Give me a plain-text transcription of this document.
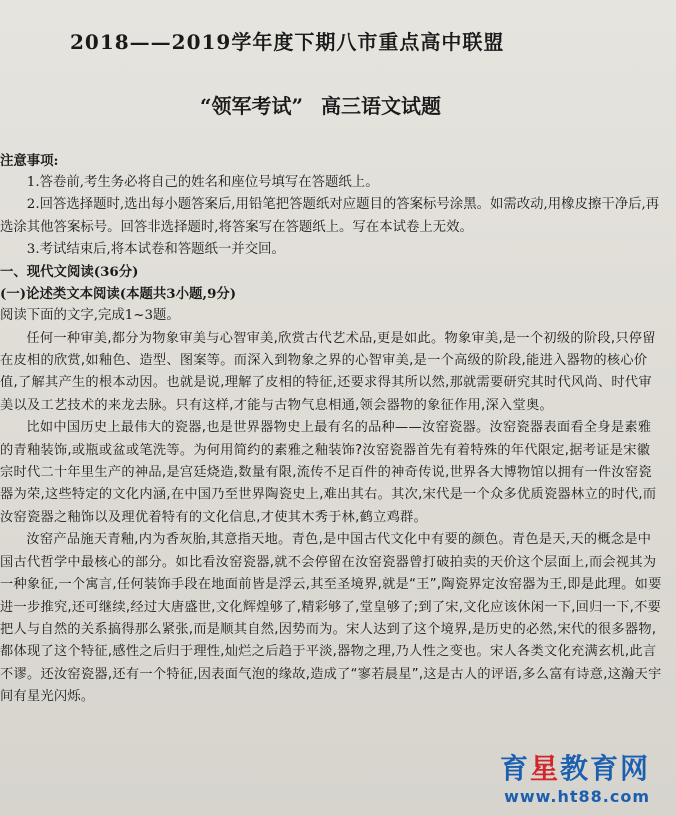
2018——2019学年度下期八市重点高中联盟
“领军考试” 高三语文试题

注意事项:

1.答卷前,考生务必将自己的姓名和座位号填写在答题纸上。

2.回答选择题时,选出每小题答案后,用铅笔把答题纸对应题目的答案标号涂黑。如需改动,用橡皮擦干净后,再选涂其他答案标号。回答非选择题时,将答案写在答题纸上。写在本试卷上无效。

3.考试结束后,将本试卷和答题纸一并交回。

一、现代文阅读(36分)

(一)论述类文本阅读(本题共3小题,9分)

阅读下面的文字,完成1~3题。

任何一种审美,都分为物象审美与心智审美,欣赏古代艺术品,更是如此。物象审美,是一个初级的阶段,只停留在皮相的欣赏,如釉色、造型、图案等。而深入到物象之界的心智审美,是一个高级的阶段,能进入器物的核心价值,了解其产生的根本动因。也就是说,理解了皮相的特征,还要求得其所以然,那就需要研究其时代风尚、时代审美以及工艺技术的来龙去脉。只有这样,才能与古物气息相通,领会器物的象征作用,深入堂奥。

比如中国历史上最伟大的瓷器,也是世界器物史上最有名的品种——汝窑瓷器。汝窑瓷器表面看全身是素雅的青釉装饰,或瓶或盆或笔洗等。为何用简约的素雅之釉装饰?汝窑瓷器首先有着特殊的年代限定,据考证是宋徽宗时代二十年里生产的神品,是宫廷烧造,数量有限,流传不足百件的神奇传说,世界各大博物馆以拥有一件汝窑瓷器为荣,这些特定的文化内涵,在中国乃至世界陶瓷史上,难出其右。其次,宋代是一个众多优质瓷器林立的时代,而汝窑瓷器之釉饰以及理优着特有的文化信息,才使其木秀于林,鹤立鸡群。

汝窑产品施天青釉,内为香灰胎,其意指天地。青色,是中国古代文化中有要的颜色。青色是天,天的概念是中国古代哲学中最核心的部分。如比看汝窑瓷器,就不会停留在汝窑瓷器曾打破拍卖的天价这个层面上,而会视其为一种象征,一个寓言,任何装饰手段在地面前皆是浮云,其至圣境界,就是“王”,陶瓷界定汝窑器为王,即是此理。如要进一步推究,还可继续,经过大唐盛世,文化辉煌够了,精彩够了,堂皇够了;到了宋,文化应该休闲一下,回归一下,不要把人与自然的关系搞得那么紧张,而是顺其自然,因势而为。宋人达到了这个境界,是历史的必然,宋代的很多器物,都体现了这个特征,感性之后归于理性,灿烂之后趋于平淡,器物之理,乃人性之变也。宋人各类文化充满玄机,此言不谬。还汝窑瓷器,还有一个特征,因表面气泡的缘故,造成了“寥若晨星”,这是古人的评语,多么富有诗意,这瀚天宇间有星光闪烁。

育星教育网
www.ht88.com
